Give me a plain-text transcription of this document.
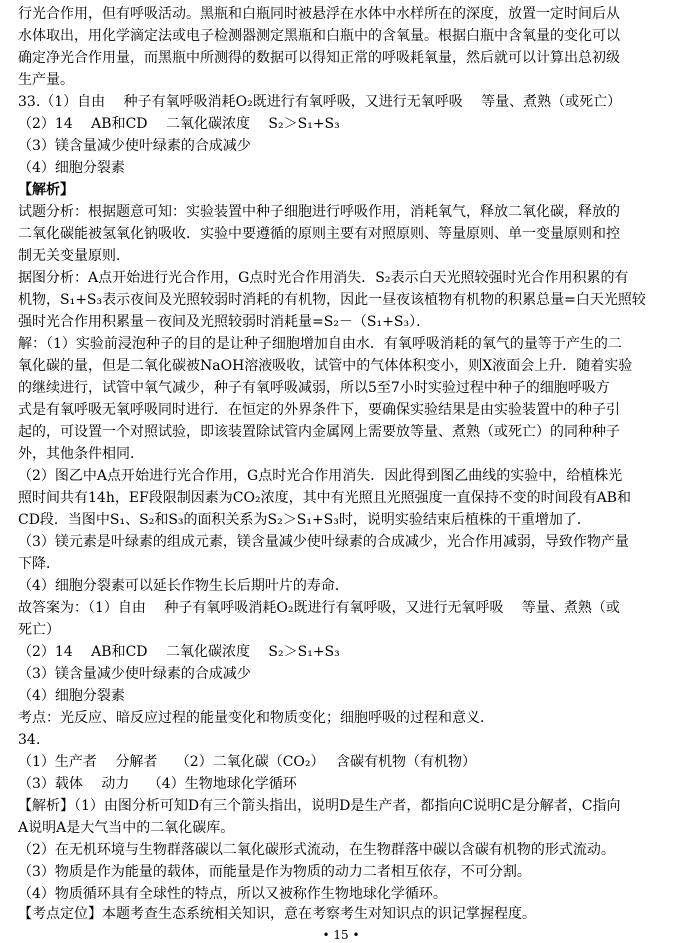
行光合作用，但有呼吸活动。黑瓶和白瓶同时被悬浮在水体中水样所在的深度，放置一定时间后从
水体取出，用化学滴定法或电子检测器测定黑瓶和白瓶中的含氧量。根据白瓶中含氧量的变化可以
确定净光合作用量，而黑瓶中所测得的数据可以得知正常的呼吸耗氧量，然后就可以计算出总初级
生产量。
33.（1）自由　 种子有氧呼吸消耗O₂既进行有氧呼吸，又进行无氧呼吸　 等量、煮熟（或死亡）
（2）14　 AB和CD　 二氧化碳浓度　 S₂＞S₁+S₃
（3）镁含量减少使叶绿素的合成减少
（4）细胞分裂素
【解析】
试题分析：根据题意可知：实验装置中种子细胞进行呼吸作用，消耗氧气，释放二氧化碳，释放的
二氧化碳能被氢氧化钠吸收．实验中要遵循的原则主要有对照原则、等量原则、单一变量原则和控
制无关变量原则．
据图分析：A点开始进行光合作用，G点时光合作用消失．S₂表示白天光照较强时光合作用积累的有
机物，S₁+S₃表示夜间及光照较弱时消耗的有机物，因此一昼夜该植物有机物的积累总量=白天光照较
强时光合作用积累量－夜间及光照较弱时消耗量=S₂－（S₁+S₃）．
解：（1）实验前浸泡种子的目的是让种子细胞增加自由水．有氧呼吸消耗的氧气的量等于产生的二
氧化碳的量，但是二氧化碳被NaOH溶液吸收，试管中的气体体积变小，则X液面会上升．随着实验
的继续进行，试管中氧气减少，种子有氧呼吸减弱，所以5至7小时实验过程中种子的细胞呼吸方
式是有氧呼吸无氧呼吸同时进行．在恒定的外界条件下，要确保实验结果是由实验装置中的种子引
起的，可设置一个对照试验，即该装置除试管内金属网上需要放等量、煮熟（或死亡）的同种种子
外，其他条件相同．
（2）图乙中A点开始进行光合作用，G点时光合作用消失．因此得到图乙曲线的实验中，给植株光
照时间共有14h，EF段限制因素为CO₂浓度，其中有光照且光照强度一直保持不变的时间段有AB和
CD段．当图中S₁、S₂和S₃的面积关系为S₂＞S₁+S₃时，说明实验结束后植株的干重增加了．
（3）镁元素是叶绿素的组成元素，镁含量减少使叶绿素的合成减少，光合作用减弱，导致作物产量
下降．
（4）细胞分裂素可以延长作物生长后期叶片的寿命．
故答案为：（1）自由　 种子有氧呼吸消耗O₂既进行有氧呼吸，又进行无氧呼吸　 等量、煮熟（或
死亡）
（2）14　 AB和CD　 二氧化碳浓度　 S₂＞S₁+S₃
（3）镁含量减少使叶绿素的合成减少
（4）细胞分裂素
考点：光反应、暗反应过程的能量变化和物质变化；细胞呼吸的过程和意义．
34.
（1）生产者　 分解者　 （2）二氧化碳（CO₂）　 含碳有机物（有机物）
（3）载体　 动力　 （4）生物地球化学循环
【解析】（1）由图分析可知D有三个箭头指出，说明D是生产者，都指向C说明C是分解者，C指向
A说明A是大气当中的二氧化碳库。
（2）在无机环境与生物群落碳以二氧化碳形式流动，在生物群落中碳以含碳有机物的形式流动。
（3）物质是作为能量的载体，而能量是作为物质的动力二者相互依存，不可分割。
（4）物质循环具有全球性的特点，所以又被称作生物地球化学循环。
【考点定位】本题考查生态系统相关知识，意在考察考生对知识点的识记掌握程度。
• 15 •
